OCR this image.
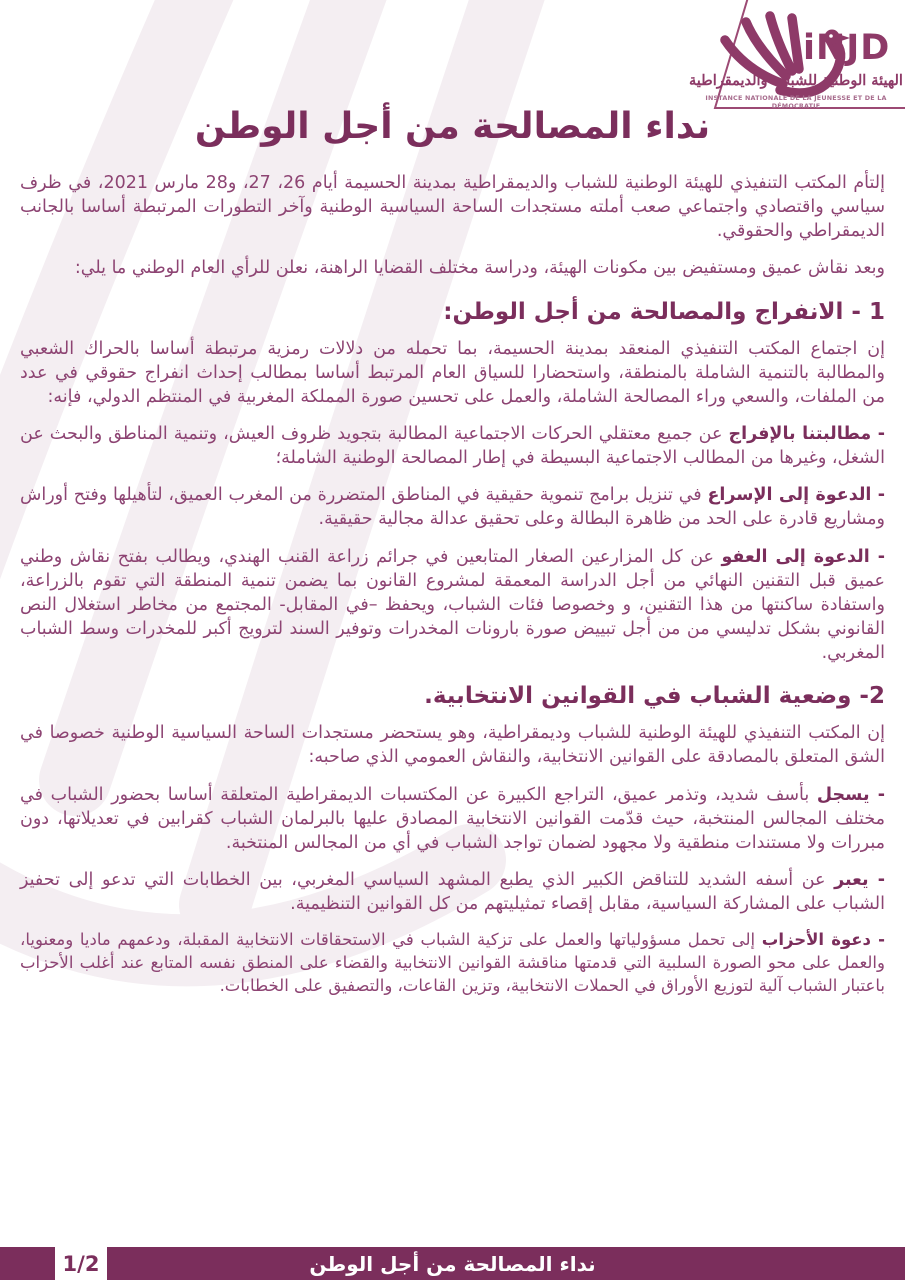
iNJD
الهيئة الوطنية للشباب والديمقراطية
INSTANCE NATIONALE DE LA JEUNESSE ET DE LA DÉMOCRATIE
نداء المصالحة من أجل الوطن

إلتأم المكتب التنفيذي للهيئة الوطنية للشباب والديمقراطية بمدينة الحسيمة أيام 26، 27، و28 مارس 2021، في ظرف سياسي واقتصادي واجتماعي صعب أملته مستجدات الساحة السياسية الوطنية وآخر التطورات المرتبطة أساسا بالجانب الديمقراطي والحقوقي.

وبعد نقاش عميق ومستفيض بين مكونات الهيئة، ودراسة مختلف القضايا الراهنة، نعلن للرأي العام الوطني ما يلي:

1 - الانفراج والمصالحة من أجل الوطن:

إن اجتماع المكتب التنفيذي المنعقد بمدينة الحسيمة، بما تحمله من دلالات رمزية مرتبطة أساسا بالحراك الشعبي والمطالبة بالتنمية الشاملة بالمنطقة، واستحضارا للسياق العام المرتبط أساسا بمطالب إحداث انفراج حقوقي في عدد من الملفات، والسعي وراء المصالحة الشاملة، والعمل على تحسين صورة المملكة المغربية في المنتظم الدولي، فإنه:

- مطالبتنا بالإفراج عن جميع معتقلي الحركات الاجتماعية المطالبة بتجويد ظروف العيش، وتنمية المناطق والبحث عن الشغل، وغيرها من المطالب الاجتماعية البسيطة في إطار المصالحة الوطنية الشاملة؛

- الدعوة إلى الإسراع في تنزيل برامج تنموية حقيقية في المناطق المتضررة من المغرب العميق، لتأهيلها وفتح أوراش ومشاريع قادرة على الحد من ظاهرة البطالة وعلى تحقيق عدالة مجالية حقيقية.

- الدعوة إلى العفو عن كل المزارعين الصغار المتابعين في جرائم زراعة القنب الهندي، ويطالب بفتح نقاش وطني عميق قبل التقنين النهائي من أجل الدراسة المعمقة لمشروع القانون بما يضمن تنمية المنطقة التي تقوم بالزراعة، واستفادة ساكنتها من هذا التقنين، و وخصوصا فئات الشباب، ويحفظ –في المقابل- المجتمع من مخاطر استغلال النص القانوني بشكل تدليسي من من أجل تبييض صورة بارونات المخدرات وتوفير السند لترويج أكبر للمخدرات وسط الشباب المغربي.

2- وضعية الشباب في القوانين الانتخابية.

إن المكتب التنفيذي للهيئة الوطنية للشباب وديمقراطية، وهو يستحضر مستجدات الساحة السياسية الوطنية خصوصا في الشق المتعلق بالمصادقة على القوانين الانتخابية، والنقاش العمومي الذي صاحبه:

- يسجل بأسف شديد، وتذمر عميق، التراجع الكبيرة عن المكتسبات الديمقراطية المتعلقة أساسا بحضور الشباب في مختلف المجالس المنتخبة، حيث قدّمت القوانين الانتخابية المصادق عليها بالبرلمان الشباب كقرابين في تعديلاتها، دون مبررات ولا مستندات منطقية ولا مجهود لضمان تواجد الشباب في أي من المجالس المنتخبة.

- يعبر عن أسفه الشديد للتناقض الكبير الذي يطبع المشهد السياسي المغربي، بين الخطابات التي تدعو إلى تحفيز الشباب على المشاركة السياسية، مقابل إقصاء تمثيليتهم من كل القوانين التنظيمية.

- دعوة الأحزاب إلى تحمل مسؤولياتها والعمل على تزكية الشباب في الاستحقاقات الانتخابية المقبلة، ودعمهم ماديا ومعنويا، والعمل على محو الصورة السلبية التي قدمتها مناقشة القوانين الانتخابية والقضاء على المنطق نفسه المتابع عند أغلب الأحزاب باعتبار الشباب آلية لتوزيع الأوراق في الحملات الانتخابية، وتزين القاعات، والتصفيق على الخطابات.

نداء المصالحة من أجل الوطن
1/2
